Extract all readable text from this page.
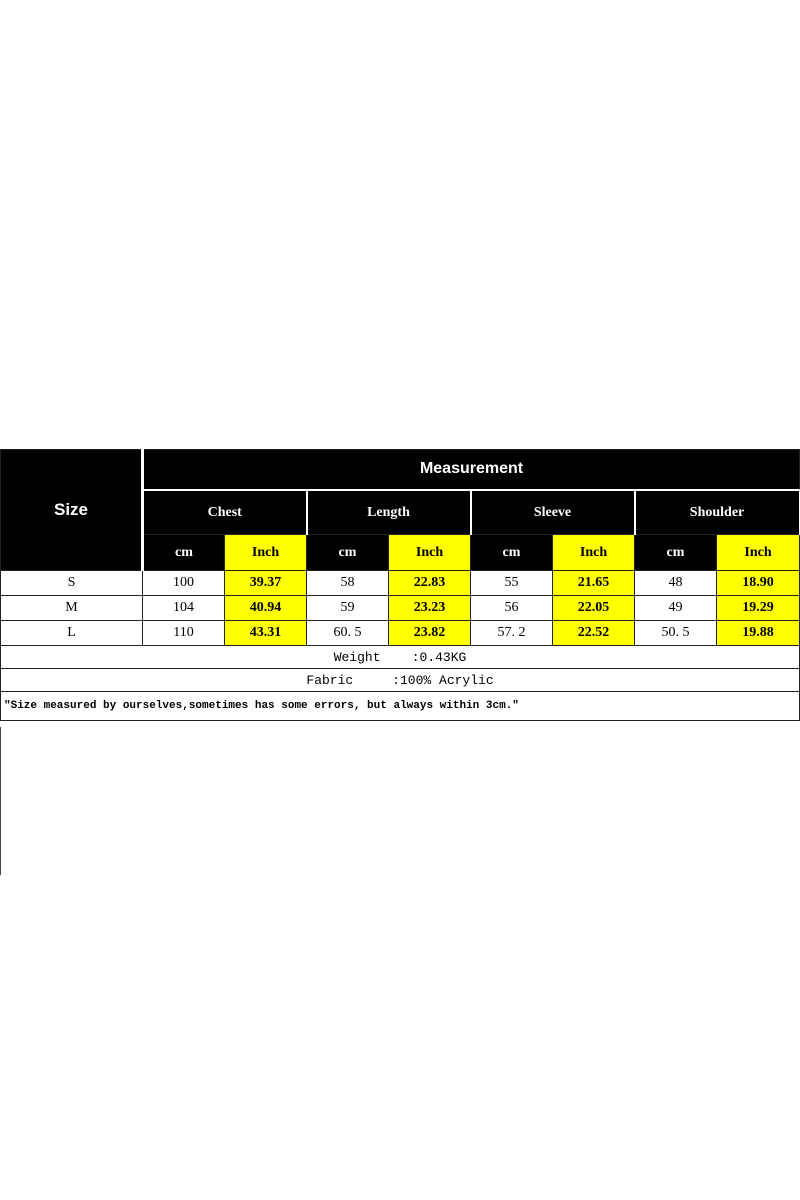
Size	Measurement							
	Chest		Length		Sleeve		Shoulder	
	cm	Inch	cm	Inch	cm	Inch	cm	Inch
S	100	39.37	58	22.83	55	21.65	48	18.90
M	104	40.94	59	23.23	56	22.05	49	19.29
L	110	43.31	60. 5	23.82	57. 2	22.52	50. 5	19.88
Weight    :0.43KG								
Fabric     :100% Acrylic								
"Size measured by ourselves,sometimes has some errors, but always within 3cm."								
